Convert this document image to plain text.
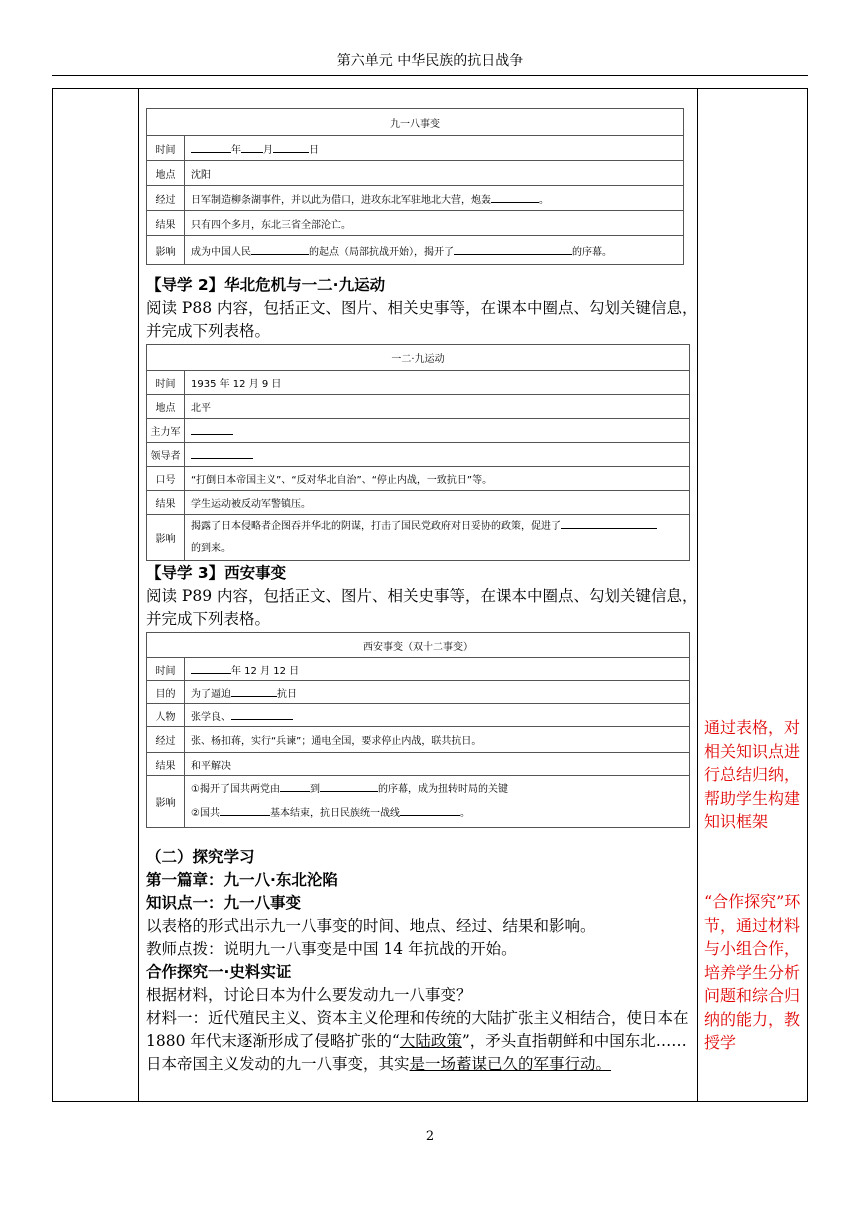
第六单元 中华民族的抗日战争
九一八事变	
时间	年 月 日
地点	沈阳
经过	日军制造柳条湖事件，并以此为借口，进攻东北军驻地北大营，炮轰 。
结果	只有四个多月，东北三省全部沦亡。
影响	成为中国人民 的起点（局部抗战开始），揭开了 的序幕。
【导学 2】华北危机与一二·九运动
阅读 P88 内容，包括正文、图片、相关史事等，在课本中圈点、勾划关键信息，并完成下列表格。
一二·九运动	
时间	1935 年 12 月 9 日
地点	北平
主力军	
领导者	
口号	“打倒日本帝国主义”、“反对华北自治”、“停止内战，一致抗日”等。
结果	学生运动被反动军警镇压。
影响	揭露了日本侵略者企图吞并华北的阴谋，打击了国民党政府对日妥协的政策，促进了
的到来。
【导学 3】西安事变
阅读 P89 内容，包括正文、图片、相关史事等，在课本中圈点、勾划关键信息，并完成下列表格。
西安事变（双十二事变）	
时间	年 12 月 12 日
目的	为了逼迫 抗日
人物	张学良、
经过	张、杨扣蒋，实行“兵谏”；通电全国，要求停止内战，联共抗日。
结果	和平解决
影响	①揭开了国共两党由 到 的序幕，成为扭转时局的关键
②国共 基本结束，抗日民族统一战线 。
（二）探究学习
第一篇章：九一八·东北沦陷
知识点一：九一八事变
以表格的形式出示九一八事变的时间、地点、经过、结果和影响。
教师点拨：说明九一八事变是中国 14 年抗战的开始。
合作探究一·史料实证
根据材料，讨论日本为什么要发动九一八事变？
材料一：近代殖民主义、资本主义伦理和传统的大陆扩张主义相结合，使日本在 1880 年代末逐渐形成了侵略扩张的“大陆政策”，矛头直指朝鲜和中国东北……日本帝国主义发动的九一八事变，其实是一场蓄谋已久的军事行动。
通过表格，对相关知识点进行总结归纳，帮助学生构建知识框架
“合作探究”环节，通过材料与小组合作，培养学生分析问题和综合归纳的能力，教授学
2
